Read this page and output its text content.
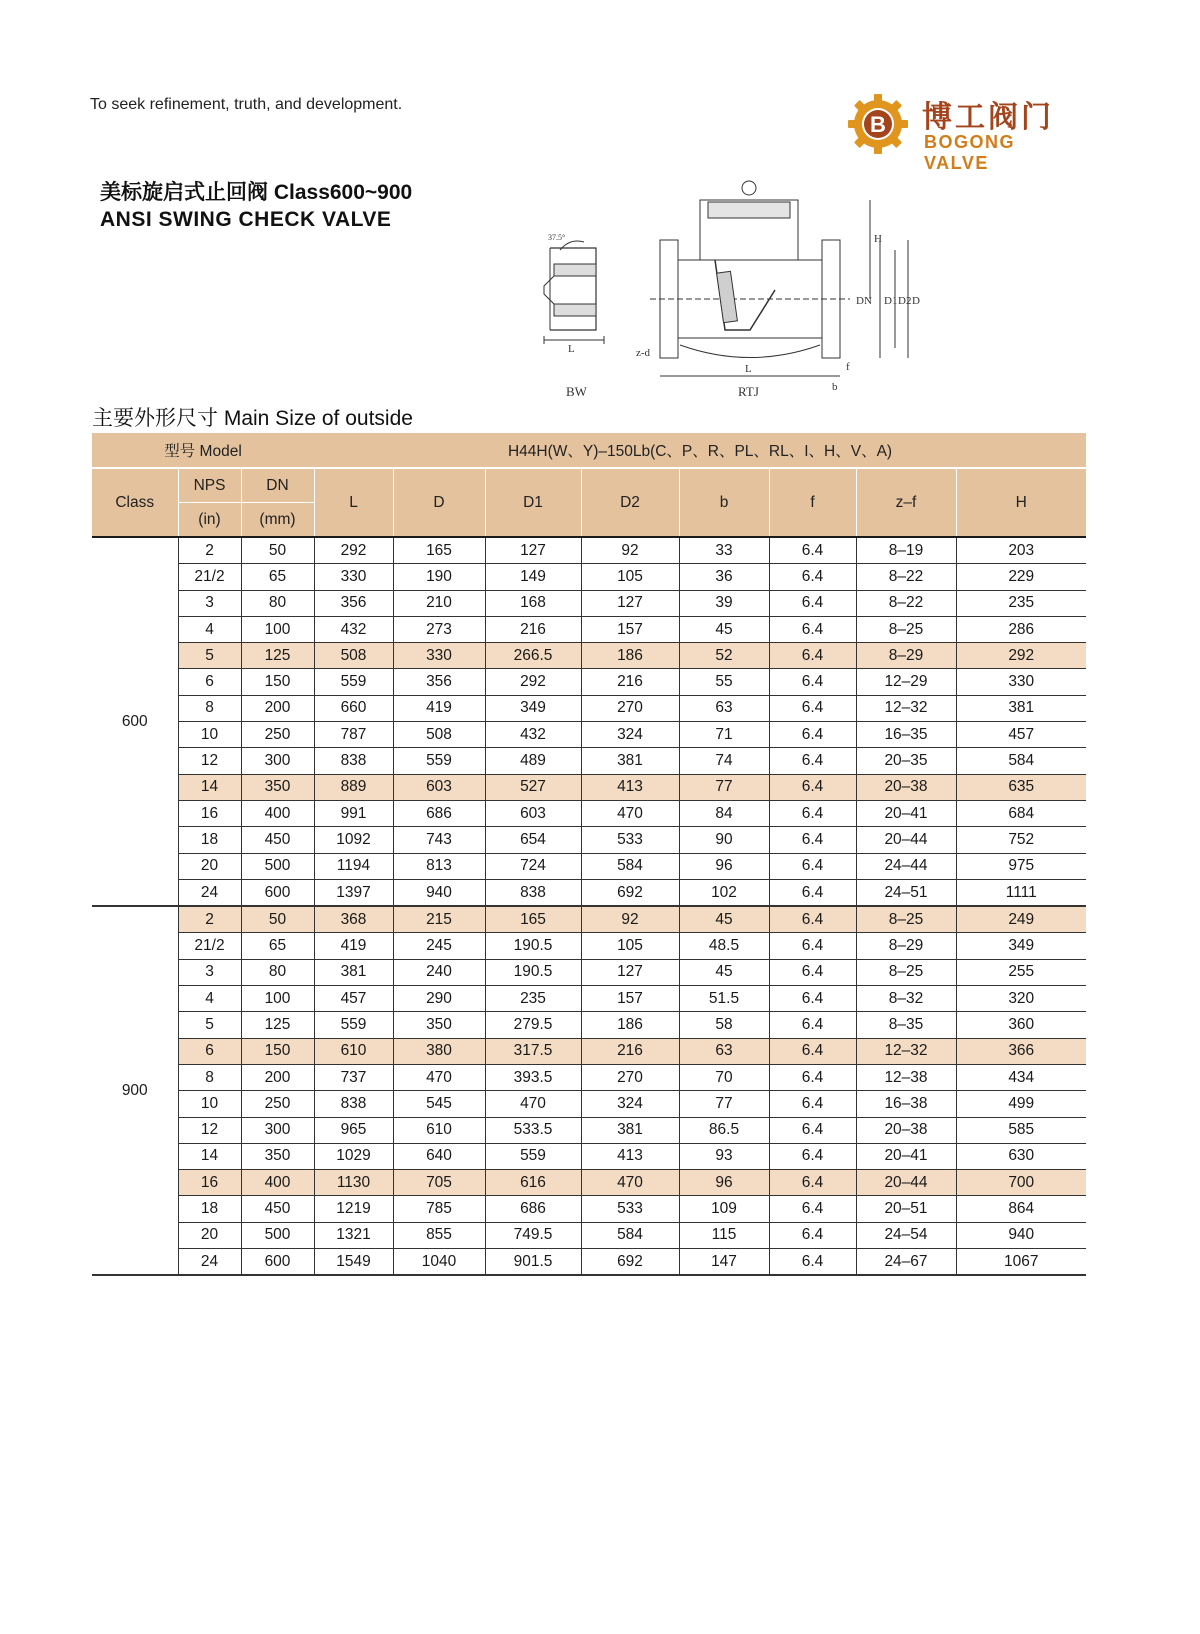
To seek refinement, truth, and development.
B 博工阀门
BOGONG VALVE
美标旋启式止回阀 Class600~900
ANSI SWING CHECK VALVE
L
L
H
D
D1 D2
DN
b
f
z-d
37.5°
BW	RTJ
主要外形尺寸 Main Size of outside
型号 Model			H44H(W、Y)–150Lb(C、P、R、PL、RL、I、H、V、A)							
Class	NPS	DN	L	D	D1	D2	b	f	z–f	H
	(in)	(mm)								
600	2	50	292	165	127	92	33	6.4	8–19	203
	21/2	65	330	190	149	105	36	6.4	8–22	229
	3	80	356	210	168	127	39	6.4	8–22	235
	4	100	432	273	216	157	45	6.4	8–25	286
	5	125	508	330	266.5	186	52	6.4	8–29	292
	6	150	559	356	292	216	55	6.4	12–29	330
	8	200	660	419	349	270	63	6.4	12–32	381
	10	250	787	508	432	324	71	6.4	16–35	457
	12	300	838	559	489	381	74	6.4	20–35	584
	14	350	889	603	527	413	77	6.4	20–38	635
	16	400	991	686	603	470	84	6.4	20–41	684
	18	450	1092	743	654	533	90	6.4	20–44	752
	20	500	1194	813	724	584	96	6.4	24–44	975
	24	600	1397	940	838	692	102	6.4	24–51	1111
900	2	50	368	215	165	92	45	6.4	8–25	249
	21/2	65	419	245	190.5	105	48.5	6.4	8–29	349
	3	80	381	240	190.5	127	45	6.4	8–25	255
	4	100	457	290	235	157	51.5	6.4	8–32	320
	5	125	559	350	279.5	186	58	6.4	8–35	360
	6	150	610	380	317.5	216	63	6.4	12–32	366
	8	200	737	470	393.5	270	70	6.4	12–38	434
	10	250	838	545	470	324	77	6.4	16–38	499
	12	300	965	610	533.5	381	86.5	6.4	20–38	585
	14	350	1029	640	559	413	93	6.4	20–41	630
	16	400	1130	705	616	470	96	6.4	20–44	700
	18	450	1219	785	686	533	109	6.4	20–51	864
	20	500	1321	855	749.5	584	115	6.4	24–54	940
	24	600	1549	1040	901.5	692	147	6.4	24–67	1067
